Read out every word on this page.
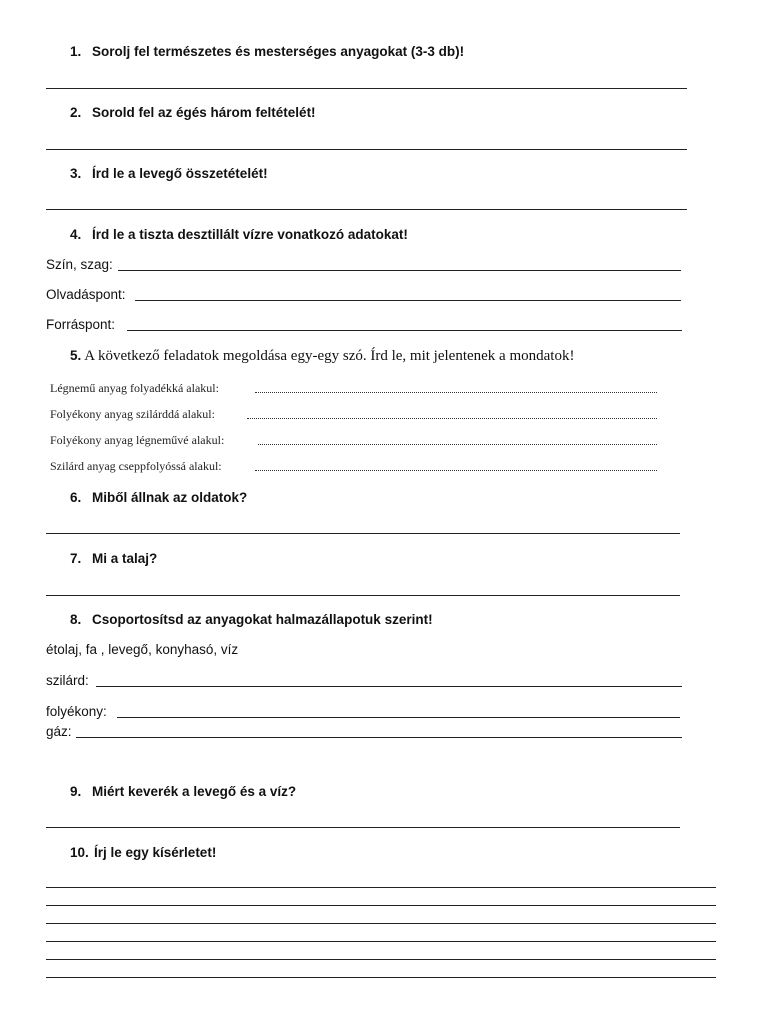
1. Sorolj fel természetes és mesterséges anyagokat (3-3 db)!
2. Sorold fel az égés három feltételét!
3. Írd le a levegő összetételét!
4. Írd le a tiszta desztillált vízre vonatkozó adatokat!
Szín, szag:
Olvadáspont:
Forráspont:
5. A következő feladatok megoldása egy-egy szó. Írd le, mit jelentenek a mondatok!
Légnemű anyag folyadékká alakul:
Folyékony anyag szilárddá alakul:
Folyékony anyag légneművé alakul:
Szilárd anyag cseppfolyóssá alakul:
6. Miből állnak az oldatok?
7. Mi a talaj?
8. Csoportosítsd az anyagokat halmazállapotuk szerint!
étolaj, fa , levegő, konyhasó, víz
szilárd:
folyékony:
gáz:
9. Miért keverék a levegő és a víz?
10. Írj le egy kísérletet!
